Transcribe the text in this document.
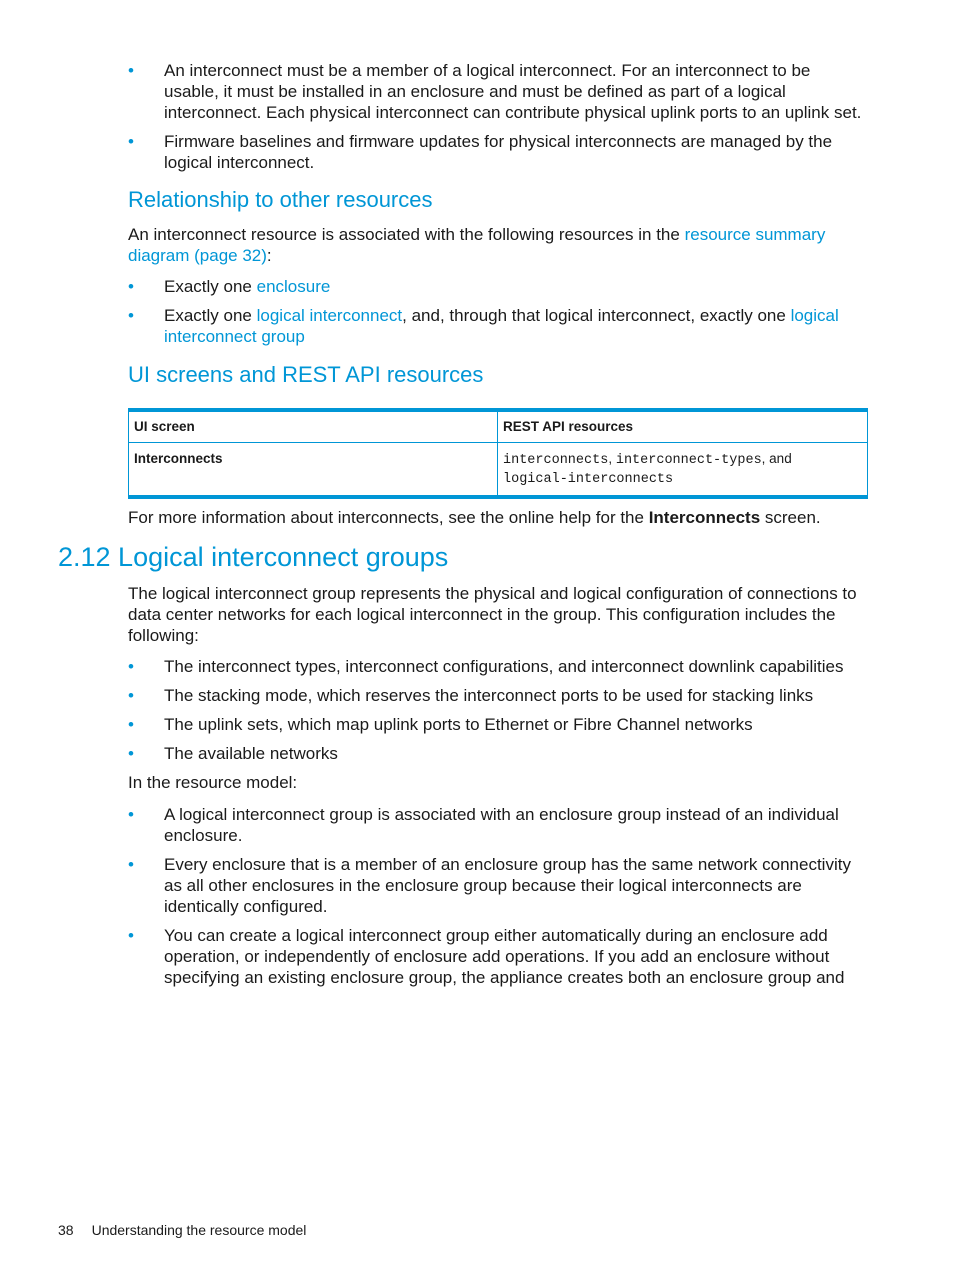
• An interconnect must be a member of a logical interconnect. For an interconnect to be usable, it must be installed in an enclosure and must be defined as part of a logical interconnect. Each physical interconnect can contribute physical uplink ports to an uplink set.
• Firmware baselines and firmware updates for physical interconnects are managed by the logical interconnect.
Relationship to other resources

An interconnect resource is associated with the following resources in the resource summary diagram (page 32):

• Exactly one enclosure
• Exactly one logical interconnect, and, through that logical interconnect, exactly one logical interconnect group
UI screens and REST API resources
UI screen	REST API resources
Interconnects	interconnects, interconnect-types, and
logical-interconnects

For more information about interconnects, see the online help for the Interconnects screen.

2.12 Logical interconnect groups

The logical interconnect group represents the physical and logical configuration of connections to data center networks for each logical interconnect in the group. This configuration includes the following:

• The interconnect types, interconnect configurations, and interconnect downlink capabilities
• The stacking mode, which reserves the interconnect ports to be used for stacking links
• The uplink sets, which map uplink ports to Ethernet or Fibre Channel networks
• The available networks

In the resource model:

• A logical interconnect group is associated with an enclosure group instead of an individual enclosure.
• Every enclosure that is a member of an enclosure group has the same network connectivity as all other enclosures in the enclosure group because their logical interconnects are identically configured.
• You can create a logical interconnect group either automatically during an enclosure add operation, or independently of enclosure add operations. If you add an enclosure without specifying an existing enclosure group, the appliance creates both an enclosure group and
38 Understanding the resource model
